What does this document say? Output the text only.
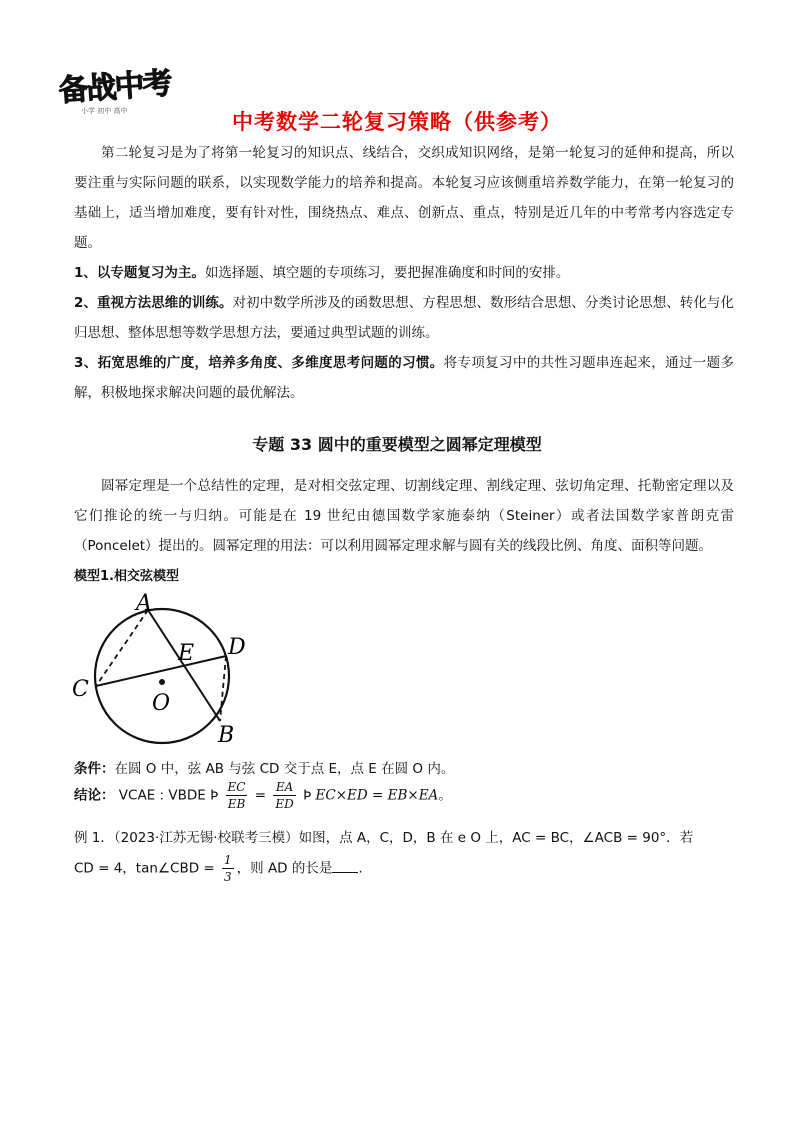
备战中考
小学 初中 高中	中考数学二轮复习策略（供参考）
第二轮复习是为了将第一轮复习的知识点、线结合，交织成知识网络，是第一轮复习的延伸和提高，所以要注重与实际问题的联系，以实现数学能力的培养和提高。本轮复习应该侧重培养数学能力，在第一轮复习的基础上，适当增加难度，要有针对性，围绕热点、难点、创新点、重点，特别是近几年的中考常考内容选定专题。
1、以专题复习为主。如选择题、填空题的专项练习，要把握准确度和时间的安排。
2、重视方法思维的训练。对初中数学所涉及的函数思想、方程思想、数形结合思想、分类讨论思想、转化与化归思想、整体思想等数学思想方法，要通过典型试题的训练。
3、拓宽思维的广度，培养多角度、多维度思考问题的习惯。将专项复习中的共性习题串连起来，通过一题多解，积极地探求解决问题的最优解法。
专题 33 圆中的重要模型之圆幂定理模型
圆幂定理是一个总结性的定理，是对相交弦定理、切割线定理、割线定理、弦切角定理、托勒密定理以及它们推论的统一与归纳。可能是在 19 世纪由德国数学家施泰纳（Steiner）或者法国数学家普朗克雷（Poncelet）提出的。圆幂定理的用法：可以利用圆幂定理求解与圆有关的线段比例、角度、面积等问题。
模型1.相交弦模型
A
B
C
D
E
O
条件：在圆 O 中，弦 AB 与弦 CD 交于点 E，点 E 在圆 O 内。
结论： VCAE : VBDE Þ $\frac{EC}{EB} = \frac{EA}{ED}$ Þ EC×ED = EB×EA。
例 1．（2023·江苏无锡·校联考三模）如图，点 A，C，D，B 在 e O 上，AC = BC，∠ACB = 90°．若
CD = 4，tan∠CBD = $\frac{1}{3}$ ，则 AD 的长是 .
